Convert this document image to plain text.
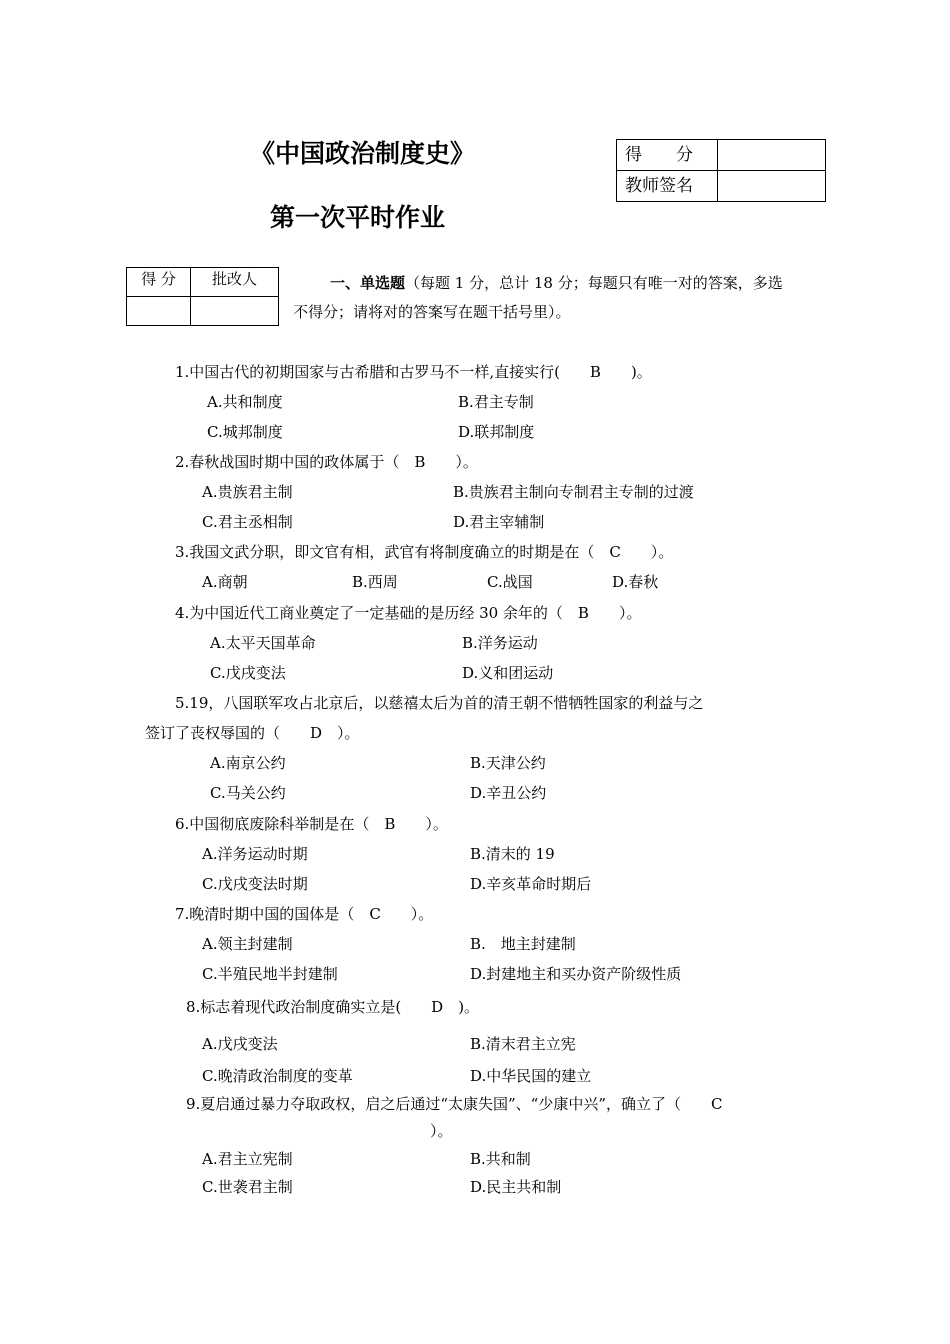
《中国政治制度史》
第一次平时作业
得　　分	
教师签名	
得 分	批改人
		一、单选题（每题 1 分，总计 18 分；每题只有唯一对的答案，多选
不得分；请将对的答案写在题干括号里）。
1.中国古代的初期国家与古希腊和古罗马不一样,直接实行(　　B　　)。
A.共和制度	B.君主专制
C.城邦制度	D.联邦制度
2.春秋战国时期中国的政体属于（　B　　）。
A.贵族君主制	B.贵族君主制向专制君主专制的过渡
C.君主丞相制	D.君主宰辅制
3.我国文武分职，即文官有相，武官有将制度确立的时期是在（　C　　）。
A.商朝	B.西周	C.战国	D.春秋
4.为中国近代工商业奠定了一定基础的是历经 30 余年的（　B　　）。
A.太平天国革命	B.洋务运动
C.戊戌变法	D.义和团运动
5.19，八国联军攻占北京后，以慈禧太后为首的清王朝不惜牺牲国家的利益与之
签订了丧权辱国的（　　D　）。
A.南京公约	B.天津公约
C.马关公约	D.辛丑公约
6.中国彻底废除科举制是在（　B　　）。
A.洋务运动时期	B.清末的 19
C.戊戌变法时期	D.辛亥革命时期后
7.晚清时期中国的国体是（　C　　）。
A.领主封建制	B.　地主封建制
C.半殖民地半封建制	D.封建地主和买办资产阶级性质
8.标志着现代政治制度确实立是(　　D　)。
A.戊戌变法	B.清末君主立宪
C.晚清政治制度的变革	D.中华民国的建立
9.夏启通过暴力夺取政权，启之后通过“太康失国”、“少康中兴”，确立了（　　C
）。
A.君主立宪制	B.共和制
C.世袭君主制	D.民主共和制
